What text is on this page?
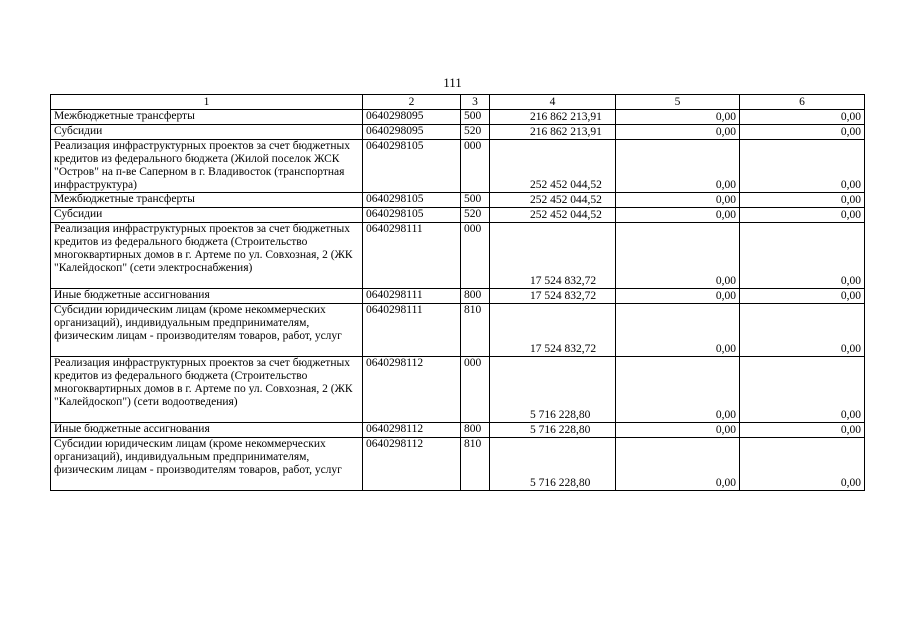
111
1	2	3	4	5	6
Межбюджетные трансферты	0640298095	500	216 862 213,91	0,00	0,00
Субсидии	0640298095	520	216 862 213,91	0,00	0,00
Реализация инфраструктурных проектов за счет бюджетных кредитов из федерального бюджета (Жилой поселок ЖСК "Остров" на п-ве Саперном в г. Владивосток (транспортная инфраструктура)	0640298105	000	252 452 044,52	0,00	0,00
Межбюджетные трансферты	0640298105	500	252 452 044,52	0,00	0,00
Субсидии	0640298105	520	252 452 044,52	0,00	0,00
Реализация инфраструктурных проектов за счет бюджетных кредитов из федерального бюджета (Строительство многоквартирных домов в г. Артеме по ул. Совхозная, 2 (ЖК "Калейдоскоп" (сети электроснабжения)	0640298111	000	17 524 832,72	0,00	0,00
Иные бюджетные ассигнования	0640298111	800	17 524 832,72	0,00	0,00
Субсидии юридическим лицам (кроме некоммерческих организаций), индивидуальным предпринимателям, физическим лицам - производителям товаров, работ, услуг	0640298111	810	17 524 832,72	0,00	0,00
Реализация инфраструктурных проектов за счет бюджетных кредитов из федерального бюджета (Строительство многоквартирных домов в г. Артеме по ул. Совхозная, 2 (ЖК "Калейдоскоп") (сети водоотведения)	0640298112	000	5 716 228,80	0,00	0,00
Иные бюджетные ассигнования	0640298112	800	5 716 228,80	0,00	0,00
Субсидии юридическим лицам (кроме некоммерческих организаций), индивидуальным предпринимателям, физическим лицам - производителям товаров, работ, услуг	0640298112	810	5 716 228,80	0,00	0,00
